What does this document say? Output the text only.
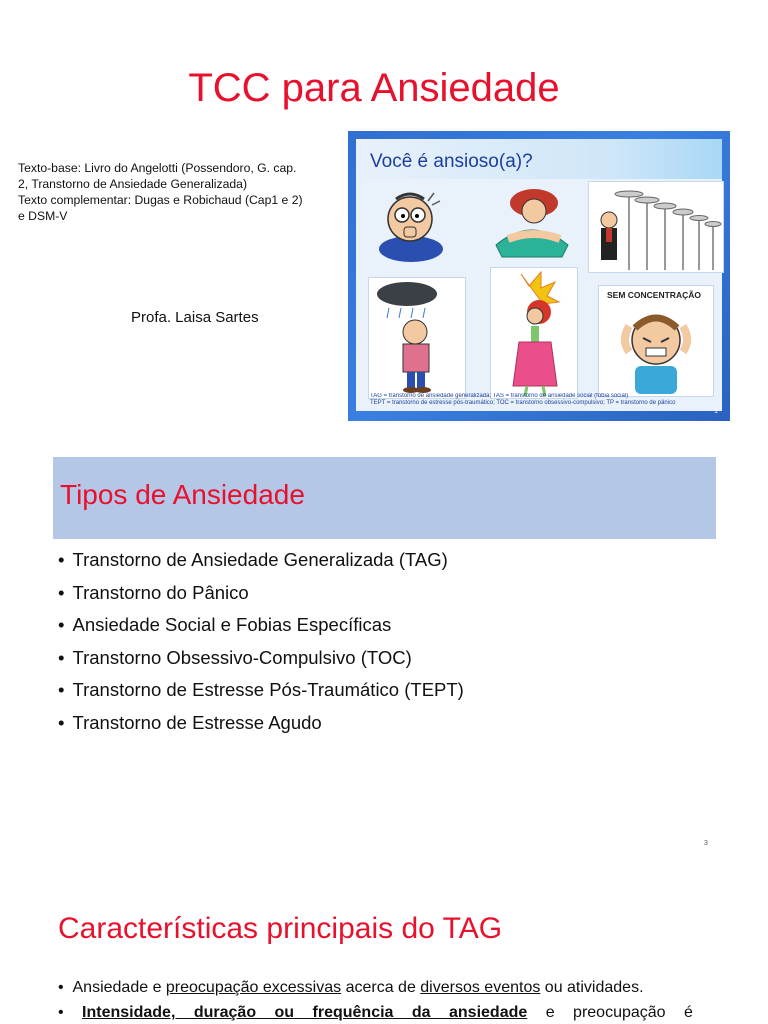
TCC para Ansiedade
Texto-base: Livro do Angelotti (Possendoro, G. cap.
2, Transtorno de Ansiedade Generalizada)
Texto complementar: Dugas e Robichaud (Cap1 e 2)
e DSM-V
Profa. Laisa Sartes
Você é ansioso(a)?
SEM CONCENTRAÇÃO
TAG = transtorno de ansiedade generalizada; TAS = transtorno de ansiedade social (fobia social)
TEPT = transtorno de estresse pós-traumático; TOC = transtorno obsessivo-compulsivo; TP = transtorno de pânico
1
Tipos de Ansiedade
• Transtorno de Ansiedade Generalizada (TAG)
• Transtorno do Pânico
• Ansiedade Social e Fobias Específicas
• Transtorno Obsessivo-Compulsivo (TOC)
• Transtorno de Estresse Pós-Traumático (TEPT)
• Transtorno de Estresse Agudo
3
Características principais do TAG
•  Ansiedade e preocupação excessivas acerca de diversos eventos ou atividades.
• Intensidade, duração ou frequência da ansiedade e preocupação é
